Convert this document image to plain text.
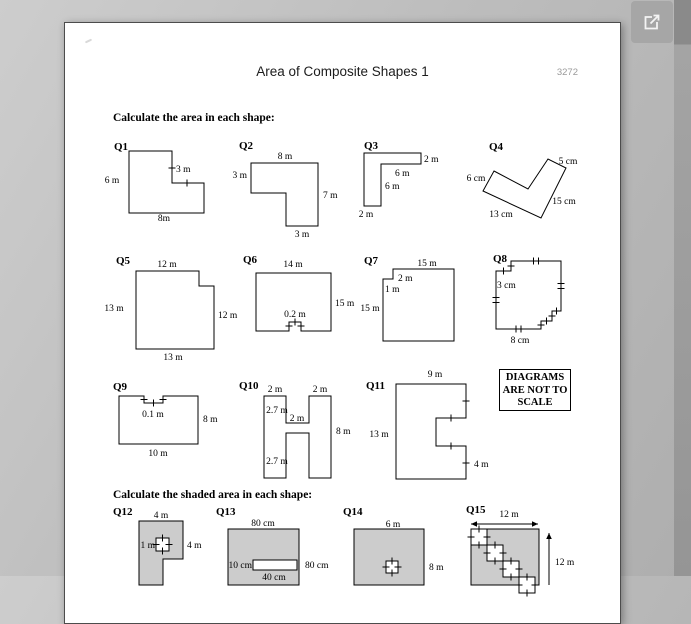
Area of Composite Shapes 1	3272
Calculate the area in each shape:
Calculate the shaded area in each shape:
DIAGRAMS
ARE NOT TO
SCALE
Q1
6 m
8m
3 m
Q2
8 m
3 m
7 m
3 m
Q3
2 m
6 m
6 m
2 m
Q4
6 cm
5 cm
15 cm
13 cm
Q5	12 m
13 m
12 m
13 m
Q6	14 m
15 m
0.2 m
Q7	15 m
2 m
1 m
15 m
Q8
3 cm
8 cm
Q9
0.1 m	8 m
10 m
Q10 2 m	2 m
2.7 m
2 m
8 m
2.7 m
Q11
9 m
13 m
4 m
Q12 4 m
1 m	4 m
Q13
80 cm
10 cm	80 cm
40 cm
Q14
6 m
8 m
Q15 12 m
12 m
